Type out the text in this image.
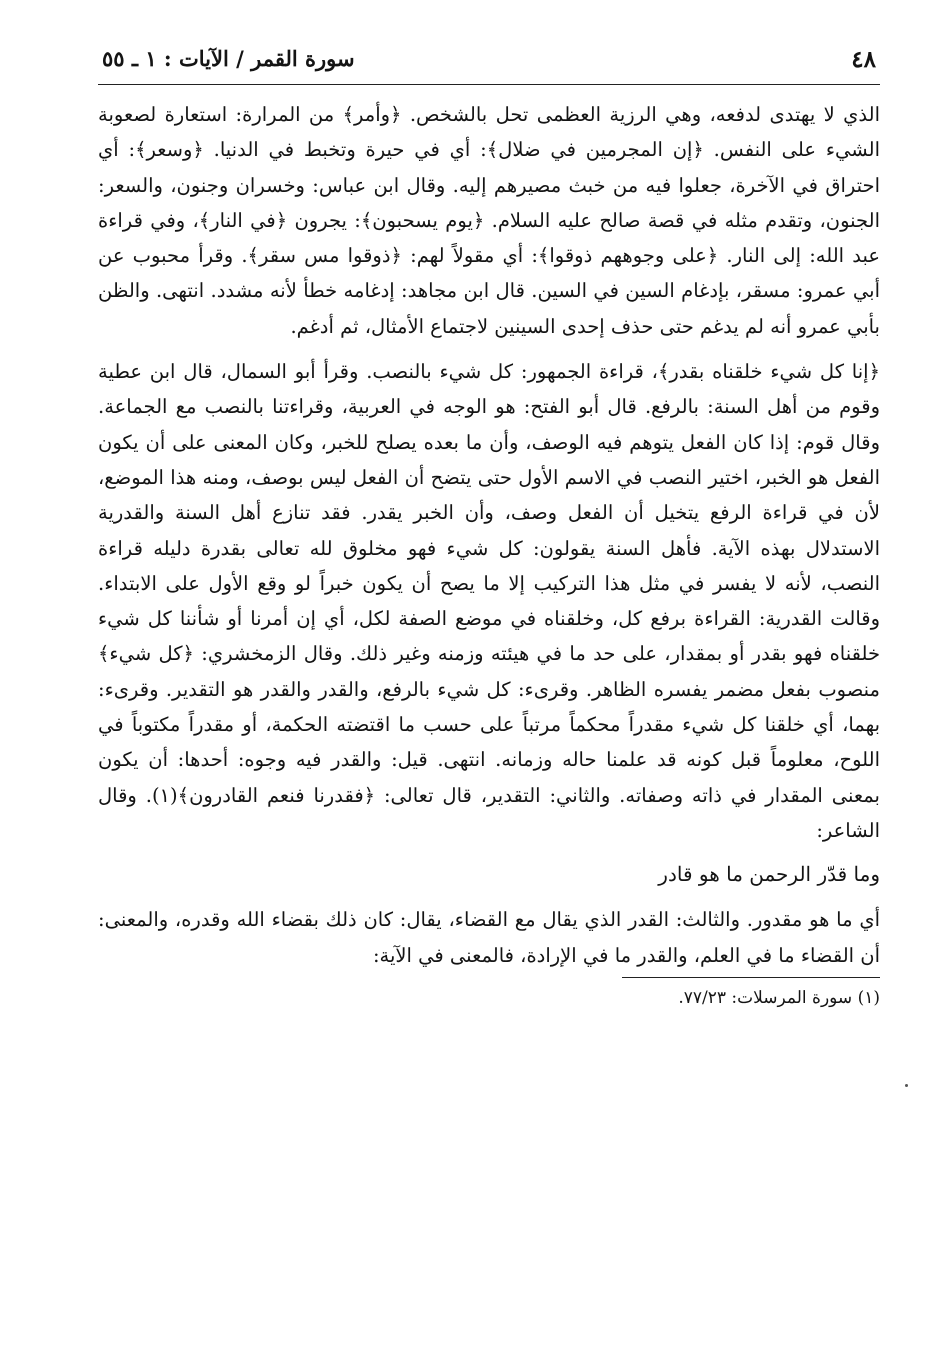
٤٨
سورة القمر / الآيات : ١ ـ ٥٥

الذي لا يهتدى لدفعه، وهي الرزية العظمى تحل بالشخص. ﴿وأمر﴾ من المرارة: استعارة لصعوبة الشيء على النفس. ﴿إن المجرمين في ضلال﴾: أي في حيرة وتخبط في الدنيا. ﴿وسعر﴾: أي احتراق في الآخرة، جعلوا فيه من خبث مصيرهم إليه. وقال ابن عباس: وخسران وجنون، والسعر: الجنون، وتقدم مثله في قصة صالح عليه السلام. ﴿يوم يسحبون﴾: يجرون ﴿في النار﴾، وفي قراءة عبد الله: إلى النار. ﴿على وجوههم ذوقوا﴾: أي مقولاً لهم: ﴿ذوقوا مس سقر﴾. وقرأ محبوب عن أبي عمرو: مسقر، بإدغام السين في السين. قال ابن مجاهد: إدغامه خطأ لأنه مشدد. انتهى. والظن بأبي عمرو أنه لم يدغم حتى حذف إحدى السينين لاجتماع الأمثال، ثم أدغم.

﴿إنا كل شيء خلقناه بقدر﴾، قراءة الجمهور: كل شيء بالنصب. وقرأ أبو السمال، قال ابن عطية وقوم من أهل السنة: بالرفع. قال أبو الفتح: هو الوجه في العربية، وقراءتنا بالنصب مع الجماعة. وقال قوم: إذا كان الفعل يتوهم فيه الوصف، وأن ما بعده يصلح للخبر، وكان المعنى على أن يكون الفعل هو الخبر، اختير النصب في الاسم الأول حتى يتضح أن الفعل ليس بوصف، ومنه هذا الموضع، لأن في قراءة الرفع يتخيل أن الفعل وصف، وأن الخبر يقدر. فقد تنازع أهل السنة والقدرية الاستدلال بهذه الآية. فأهل السنة يقولون: كل شيء فهو مخلوق لله تعالى بقدرة دليله قراءة النصب، لأنه لا يفسر في مثل هذا التركيب إلا ما يصح أن يكون خبراً لو وقع الأول على الابتداء. وقالت القدرية: القراءة برفع كل، وخلقناه في موضع الصفة لكل، أي إن أمرنا أو شأننا كل شيء خلقناه فهو بقدر أو بمقدار، على حد ما في هيئته وزمنه وغير ذلك. وقال الزمخشري: ﴿كل شيء﴾ منصوب بفعل مضمر يفسره الظاهر. وقرىء: كل شيء بالرفع، والقدر والقدر هو التقدير. وقرىء: بهما، أي خلقنا كل شيء مقدراً محكماً مرتباً على حسب ما اقتضته الحكمة، أو مقدراً مكتوباً في اللوح، معلوماً قبل كونه قد علمنا حاله وزمانه. انتهى. قيل: والقدر فيه وجوه: أحدها: أن يكون بمعنى المقدار في ذاته وصفاته. والثاني: التقدير، قال تعالى: ﴿فقدرنا فنعم القادرون﴾(١). وقال الشاعر:

وما قدّر الرحمن ما هو قادر

أي ما هو مقدور. والثالث: القدر الذي يقال مع القضاء، يقال: كان ذلك بقضاء الله وقدره، والمعنى: أن القضاء ما في العلم، والقدر ما في الإرادة، فالمعنى في الآية:

(١) سورة المرسلات: ٧٧/٢٣.
